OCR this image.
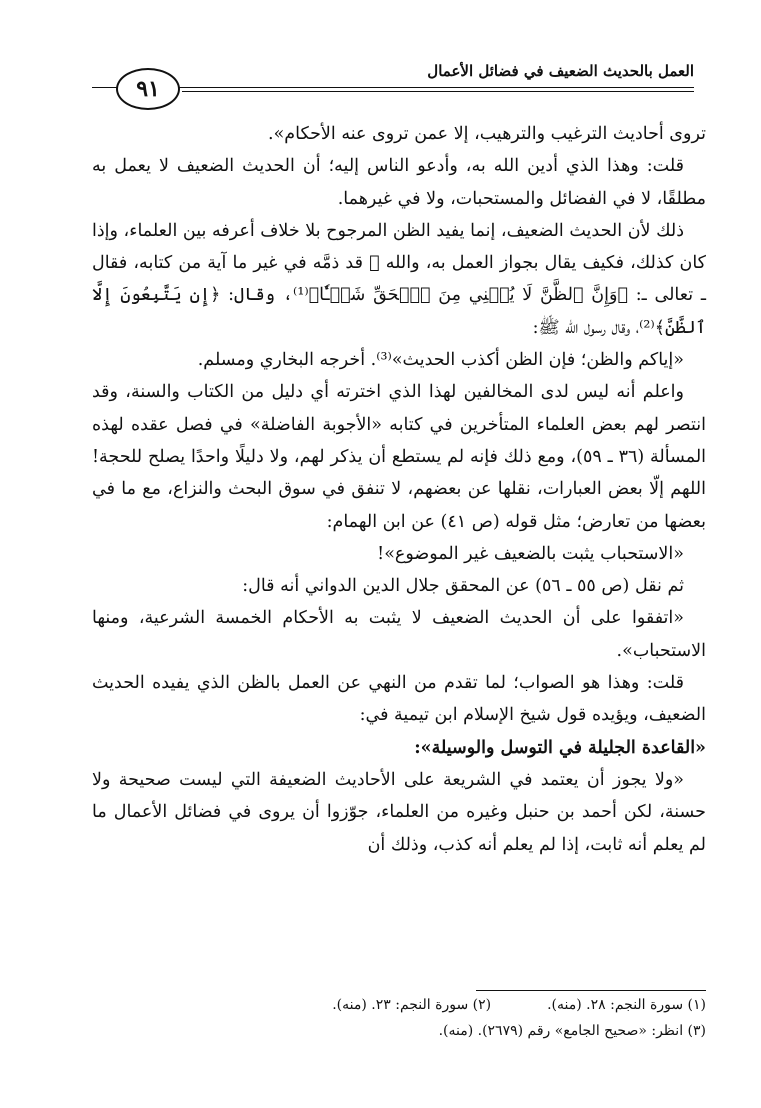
العمل بالحديث الضعيف في فضائل الأعمال
٩١

تروى أحاديث الترغيب والترهيب، إلا عمن تروى عنه الأحكام».

قلت: وهذا الذي أدين الله به، وأدعو الناس إليه؛ أن الحديث الضعيف لا يعمل به مطلقًا، لا في الفضائل والمستحبات، ولا في غيرهما.

ذلك لأن الحديث الضعيف، إنما يفيد الظن المرجوح بلا خلاف أعرفه بين العلماء، وإذا كان كذلك، فكيف يقال بجواز العمل به، والله ﷻ قد ذمَّه في غير ما آية من كتابه، فقال ـ تعالى ـ: ﴿وَإِنَّ ٱلظَّنَّ لَا يُغۡنِي مِنَ ٱلۡحَقِّ شَيۡـٔٗا﴾⁽¹⁾، وقال: ﴿إِن يَتَّبِعُونَ إِلَّا ٱلظَّنَّ﴾⁽²⁾، وقال رسول الله ﷺ:

«إياكم والظن؛ فإن الظن أكذب الحديث»⁽³⁾. أخرجه البخاري ومسلم.

واعلم أنه ليس لدى المخالفين لهذا الذي اخترته أي دليل من الكتاب والسنة، وقد انتصر لهم بعض العلماء المتأخرين في كتابه «الأجوبة الفاضلة» في فصل عقده لهذه المسألة (٣٦ ـ ٥٩)، ومع ذلك فإنه لم يستطع أن يذكر لهم، ولا دليلًا واحدًا يصلح للحجة! اللهم إلّا بعض العبارات، نقلها عن بعضهم، لا تنفق في سوق البحث والنزاع، مع ما في بعضها من تعارض؛ مثل قوله (ص ٤١) عن ابن الهمام:

«الاستحباب يثبت بالضعيف غير الموضوع»!

ثم نقل (ص ٥٥ ـ ٥٦) عن المحقق جلال الدين الدواني أنه قال:

«اتفقوا على أن الحديث الضعيف لا يثبت به الأحكام الخمسة الشرعية، ومنها الاستحباب».

قلت: وهذا هو الصواب؛ لما تقدم من النهي عن العمل بالظن الذي يفيده الحديث الضعيف، ويؤيده قول شيخ الإسلام ابن تيمية في:

«القاعدة الجليلة في التوسل والوسيلة»:

«ولا يجوز أن يعتمد في الشريعة على الأحاديث الضعيفة التي ليست صحيحة ولا حسنة، لكن أحمد بن حنبل وغيره من العلماء، جوّزوا أن يروى في فضائل الأعمال ما لم يعلم أنه ثابت، إذا لم يعلم أنه كذب، وذلك أن

(١) سورة النجم: ٢٨. (منه).
(٢) سورة النجم: ٢٣. (منه).
(٣) انظر: «صحيح الجامع» رقم (٢٦٧٩). (منه).
